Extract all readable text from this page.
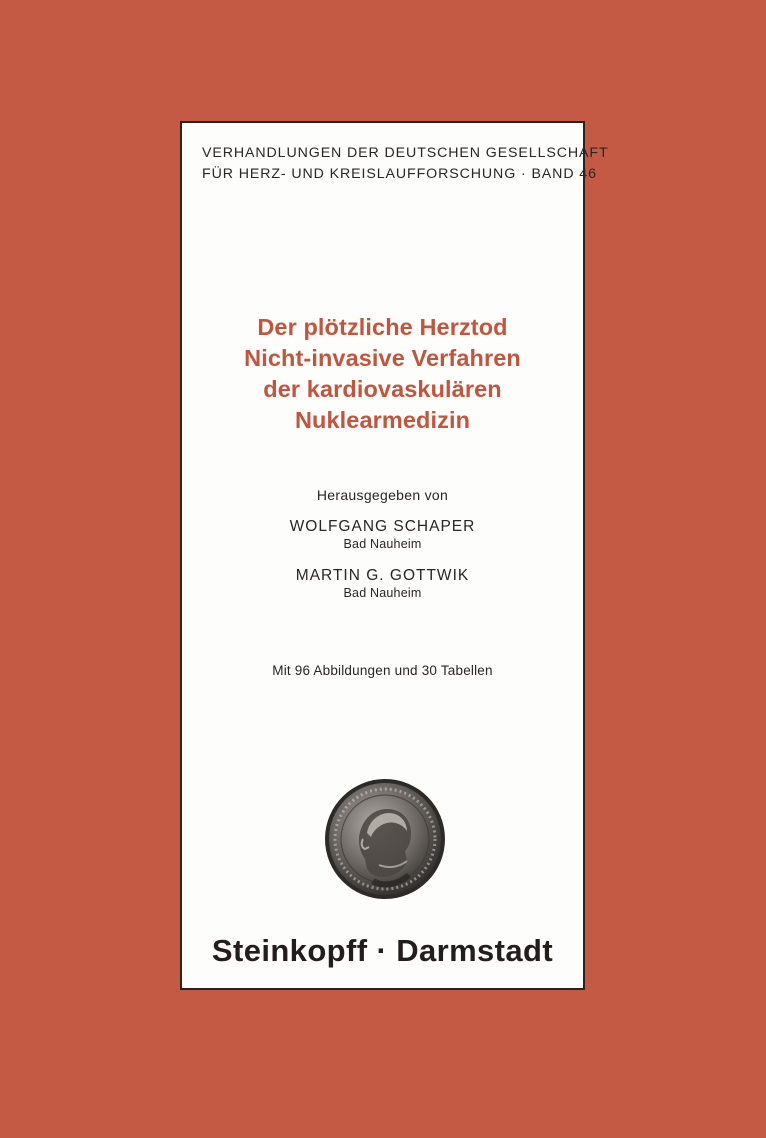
VERHANDLUNGEN DER DEUTSCHEN GESELLSCHAFT
FÜR HERZ- UND KREISLAUFFORSCHUNG · BAND 46
Der plötzliche Herztod
Nicht-invasive Verfahren
der kardiovaskulären
Nuklearmedizin
Herausgegeben von
WOLFGANG SCHAPER
Bad Nauheim
MARTIN G. GOTTWIK
Bad Nauheim
Mit 96 Abbildungen und 30 Tabellen
Steinkopff · Darmstadt
